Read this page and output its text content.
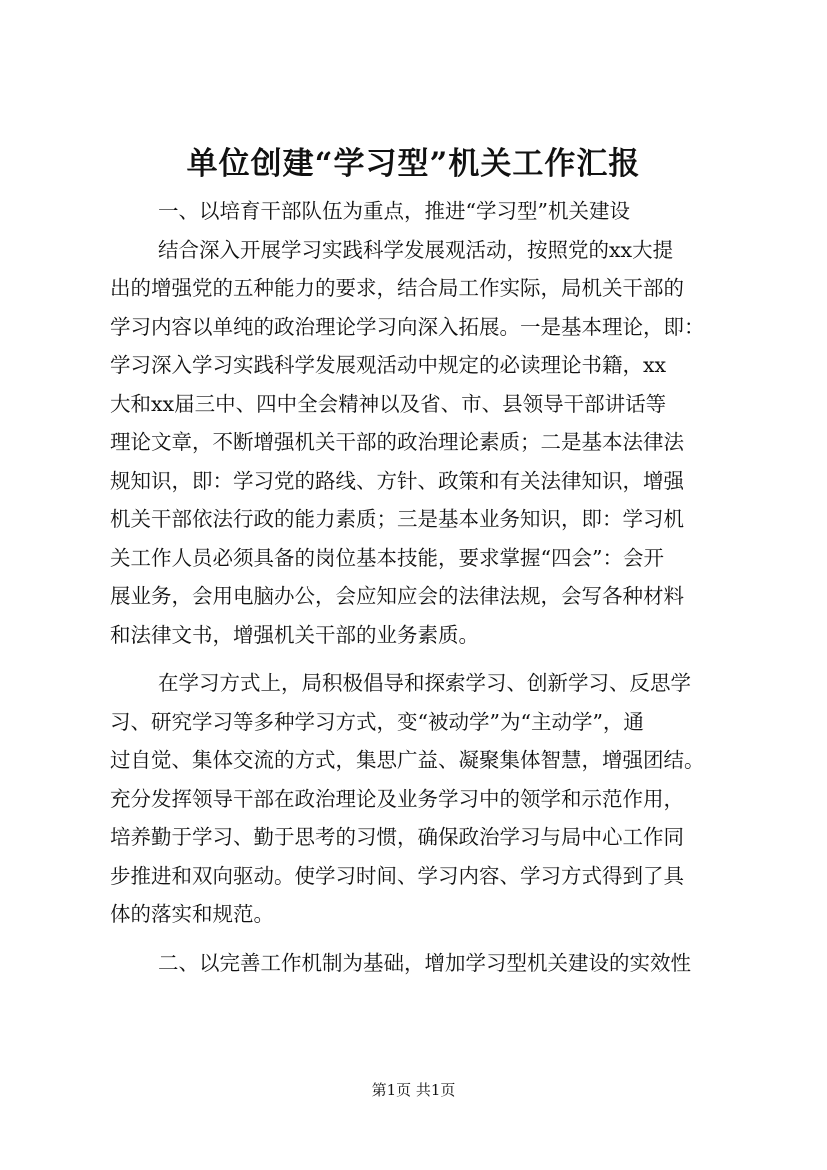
单位创建“学习型”机关工作汇报
一、以培育干部队伍为重点，推进“学习型”机关建设
结合深入开展学习实践科学发展观活动，按照党的xx大提
出的增强党的五种能力的要求，结合局工作实际，局机关干部的
学习内容以单纯的政治理论学习向深入拓展。一是基本理论，即：
学习深入学习实践科学发展观活动中规定的必读理论书籍，xx
大和xx届三中、四中全会精神以及省、市、县领导干部讲话等
理论文章，不断增强机关干部的政治理论素质；二是基本法律法
规知识，即：学习党的路线、方针、政策和有关法律知识，增强
机关干部依法行政的能力素质；三是基本业务知识，即：学习机
关工作人员必须具备的岗位基本技能，要求掌握“四会”：会开
展业务，会用电脑办公，会应知应会的法律法规，会写各种材料
和法律文书，增强机关干部的业务素质。
在学习方式上，局积极倡导和探索学习、创新学习、反思学
习、研究学习等多种学习方式，变“被动学”为“主动学”，通
过自觉、集体交流的方式，集思广益、凝聚集体智慧，增强团结。
充分发挥领导干部在政治理论及业务学习中的领学和示范作用，
培养勤于学习、勤于思考的习惯，确保政治学习与局中心工作同
步推进和双向驱动。使学习时间、学习内容、学习方式得到了具
体的落实和规范。
二、以完善工作机制为基础，增加学习型机关建设的实效性
第1页 共1页
